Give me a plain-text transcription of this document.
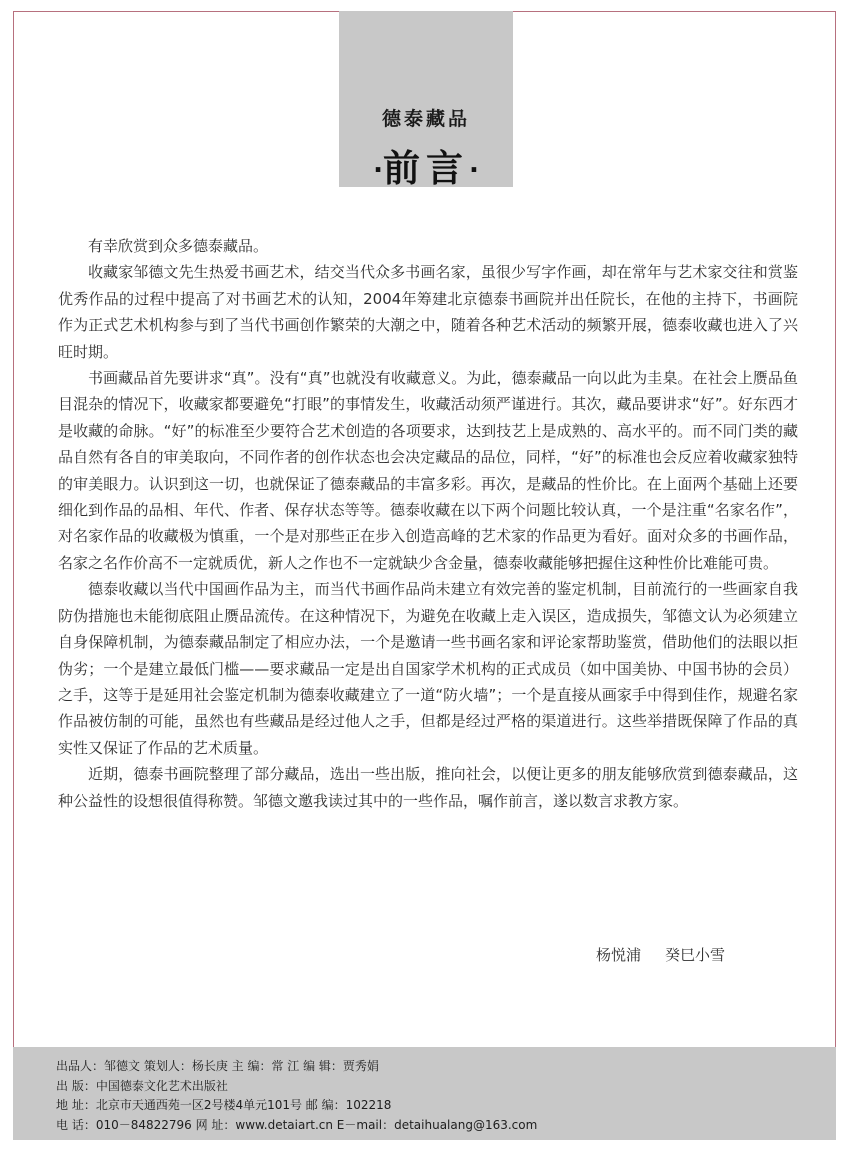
德泰藏品
·前言·

有幸欣赏到众多德泰藏品。

收藏家邹德文先生热爱书画艺术，结交当代众多书画名家，虽很少写字作画，却在常年与艺术家交往和赏鉴优秀作品的过程中提高了对书画艺术的认知，2004年筹建北京德泰书画院并出任院长，在他的主持下，书画院作为正式艺术机构参与到了当代书画创作繁荣的大潮之中，随着各种艺术活动的频繁开展，德泰收藏也进入了兴旺时期。

书画藏品首先要讲求“真”。没有“真”也就没有收藏意义。为此，德泰藏品一向以此为圭臬。在社会上赝品鱼目混杂的情况下，收藏家都要避免“打眼”的事情发生，收藏活动须严谨进行。其次，藏品要讲求“好”。好东西才是收藏的命脉。“好”的标准至少要符合艺术创造的各项要求，达到技艺上是成熟的、高水平的。而不同门类的藏品自然有各自的审美取向，不同作者的创作状态也会决定藏品的品位，同样，“好”的标准也会反应着收藏家独特的审美眼力。认识到这一切，也就保证了德泰藏品的丰富多彩。再次，是藏品的性价比。在上面两个基础上还要细化到作品的品相、年代、作者、保存状态等等。德泰收藏在以下两个问题比较认真，一个是注重“名家名作”，对名家作品的收藏极为慎重，一个是对那些正在步入创造高峰的艺术家的作品更为看好。面对众多的书画作品，名家之名作价高不一定就质优，新人之作也不一定就缺少含金量，德泰收藏能够把握住这种性价比难能可贵。

德泰收藏以当代中国画作品为主，而当代书画作品尚未建立有效完善的鉴定机制，目前流行的一些画家自我防伪措施也未能彻底阻止赝品流传。在这种情况下，为避免在收藏上走入误区，造成损失，邹德文认为必须建立自身保障机制，为德泰藏品制定了相应办法，一个是邀请一些书画名家和评论家帮助鉴赏，借助他们的法眼以拒伪劣；一个是建立最低门槛——要求藏品一定是出自国家学术机构的正式成员（如中国美协、中国书协的会员）之手，这等于是延用社会鉴定机制为德泰收藏建立了一道“防火墙”；一个是直接从画家手中得到佳作，规避名家作品被仿制的可能，虽然也有些藏品是经过他人之手，但都是经过严格的渠道进行。这些举措既保障了作品的真实性又保证了作品的艺术质量。

近期，德泰书画院整理了部分藏品，选出一些出版，推向社会，以便让更多的朋友能够欣赏到德泰藏品，这种公益性的设想很值得称赞。邹德文邀我读过其中的一些作品，嘱作前言，遂以数言求教方家。

杨悦浦 癸巳小雪
出品人：邹德文 策划人：杨长庚 主 编：常 江 编 辑：贾秀娟
出 版：中国德泰文化艺术出版社
地 址：北京市天通西苑一区2号楼4单元101号 邮 编：102218
电 话：010－84822796 网 址：www.detaiart.cn E－mail：detaihualang@163.com
